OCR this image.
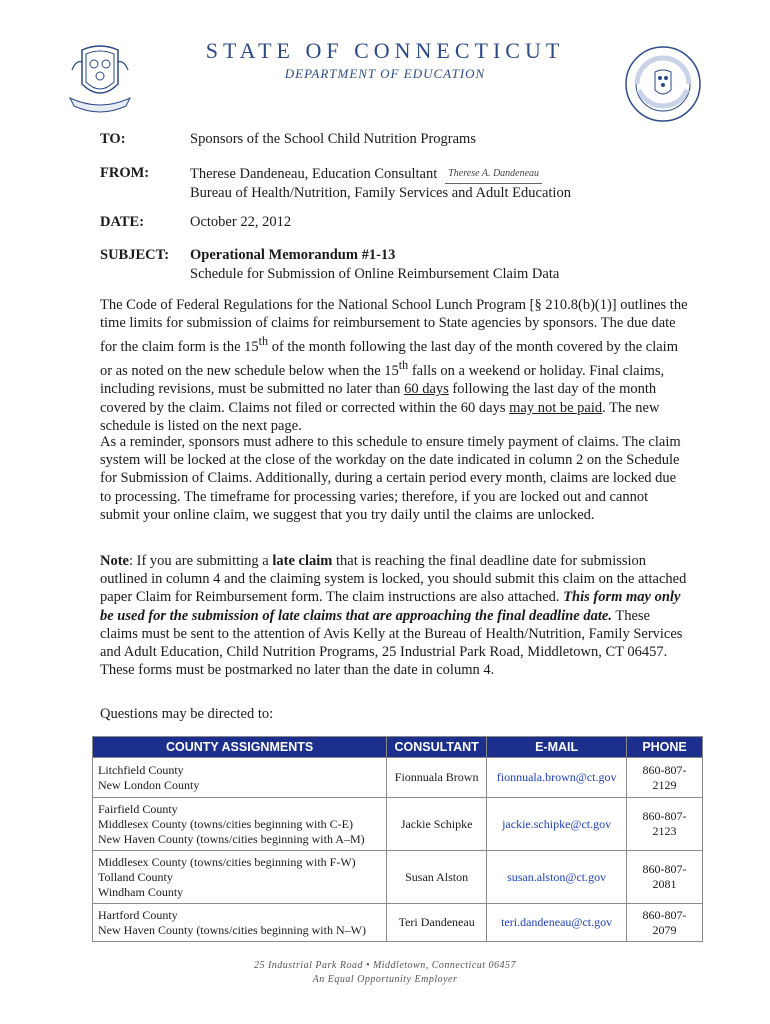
STATE OF CONNECTICUT
DEPARTMENT OF EDUCATION
TO:	Sponsors of the School Child Nutrition Programs
FROM:	Therese Dandeneau, Education Consultant Therese A. Dandeneau
Bureau of Health/Nutrition, Family Services and Adult Education
DATE:	October 22, 2012
SUBJECT:	Operational Memorandum #1-13
Schedule for Submission of Online Reimbursement Claim Data

The Code of Federal Regulations for the National School Lunch Program [§ 210.8(b)(1)] outlines the time limits for submission of claims for reimbursement to State agencies by sponsors. The due date for the claim form is the 15th of the month following the last day of the month covered by the claim or as noted on the new schedule below when the 15th falls on a weekend or holiday. Final claims, including revisions, must be submitted no later than 60 days following the last day of the month covered by the claim. Claims not filed or corrected within the 60 days may not be paid. The new schedule is listed on the next page.

As a reminder, sponsors must adhere to this schedule to ensure timely payment of claims. The claim system will be locked at the close of the workday on the date indicated in column 2 on the Schedule for Submission of Claims. Additionally, during a certain period every month, claims are locked due to processing. The timeframe for processing varies; therefore, if you are locked out and cannot submit your online claim, we suggest that you try daily until the claims are unlocked.

Note: If you are submitting a late claim that is reaching the final deadline date for submission outlined in column 4 and the claiming system is locked, you should submit this claim on the attached paper Claim for Reimbursement form. The claim instructions are also attached. This form may only be used for the submission of late claims that are approaching the final deadline date. These claims must be sent to the attention of Avis Kelly at the Bureau of Health/Nutrition, Family Services and Adult Education, Child Nutrition Programs, 25 Industrial Park Road, Middletown, CT 06457. These forms must be postmarked no later than the date in column 4.

Questions may be directed to:

COUNTY ASSIGNMENTS	CONSULTANT	E-MAIL	PHONE
Litchfield County
New London County	Fionnuala Brown	fionnuala.brown@ct.gov	860-807-
2129
Fairfield County
Middlesex County (towns/cities beginning with C-E)
New Haven County (towns/cities beginning with A–M)	Jackie Schipke	jackie.schipke@ct.gov	860-807-
2123
Middlesex County (towns/cities beginning with F-W)
Tolland County
Windham County	Susan Alston	susan.alston@ct.gov	860-807-
2081
Hartford County
New Haven County (towns/cities beginning with N–W)	Teri Dandeneau	teri.dandeneau@ct.gov	860-807-
2079
25 Industrial Park Road • Middletown, Connecticut 06457
An Equal Opportunity Employer
